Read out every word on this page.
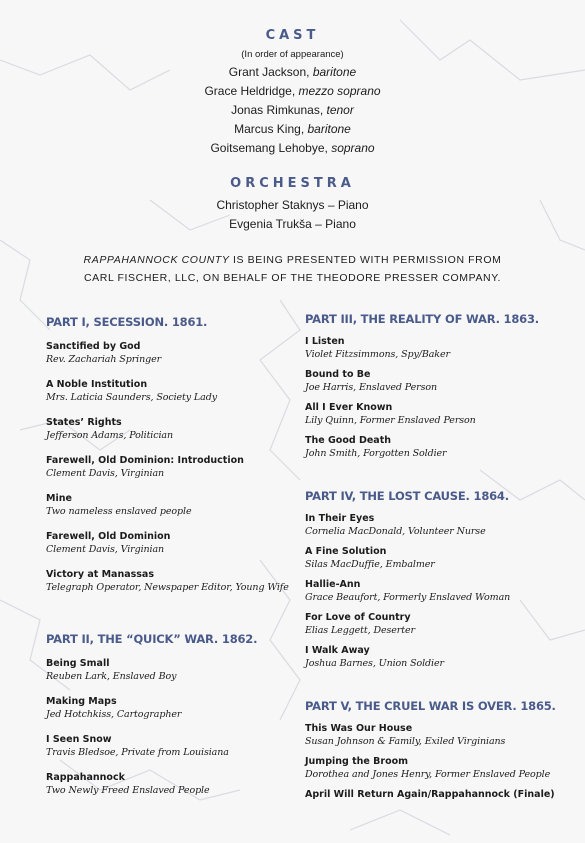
CAST
(In order of appearance)
Grant Jackson, baritone
Grace Heldridge, mezzo soprano
Jonas Rimkunas, tenor
Marcus King, baritone
Goitsemang Lehobye, soprano
ORCHESTRA
Christopher Staknys – Piano
Evgenia Trukša – Piano
RAPPAHANNOCK COUNTY IS BEING PRESENTED WITH PERMISSION FROM
CARL FISCHER, LLC, ON BEHALF OF THE THEODORE PRESSER COMPANY.
PART I, SECESSION. 1861.
Sanctified by God
Rev. Zachariah Springer
A Noble Institution
Mrs. Laticia Saunders, Society Lady
States’ Rights
Jefferson Adams, Politician
Farewell, Old Dominion: Introduction
Clement Davis, Virginian
Mine
Two nameless enslaved people
Farewell, Old Dominion
Clement Davis, Virginian
Victory at Manassas
Telegraph Operator, Newspaper Editor, Young Wife
PART II, THE “QUICK” WAR. 1862.
Being Small
Reuben Lark, Enslaved Boy
Making Maps
Jed Hotchkiss, Cartographer
I Seen Snow
Travis Bledsoe, Private from Louisiana
Rappahannock
Two Newly Freed Enslaved People
PART III, THE REALITY OF WAR. 1863.
I Listen
Violet Fitzsimmons, Spy/Baker
Bound to Be
Joe Harris, Enslaved Person
All I Ever Known
Lily Quinn, Former Enslaved Person
The Good Death
John Smith, Forgotten Soldier
PART IV, THE LOST CAUSE. 1864.
In Their Eyes
Cornelia MacDonald, Volunteer Nurse
A Fine Solution
Silas MacDuffie, Embalmer
Hallie-Ann
Grace Beaufort, Formerly Enslaved Woman
For Love of Country
Elias Leggett, Deserter
I Walk Away
Joshua Barnes, Union Soldier
PART V, THE CRUEL WAR IS OVER. 1865.
This Was Our House
Susan Johnson & Family, Exiled Virginians
Jumping the Broom
Dorothea and Jones Henry, Former Enslaved People
April Will Return Again/Rappahannock (Finale)
